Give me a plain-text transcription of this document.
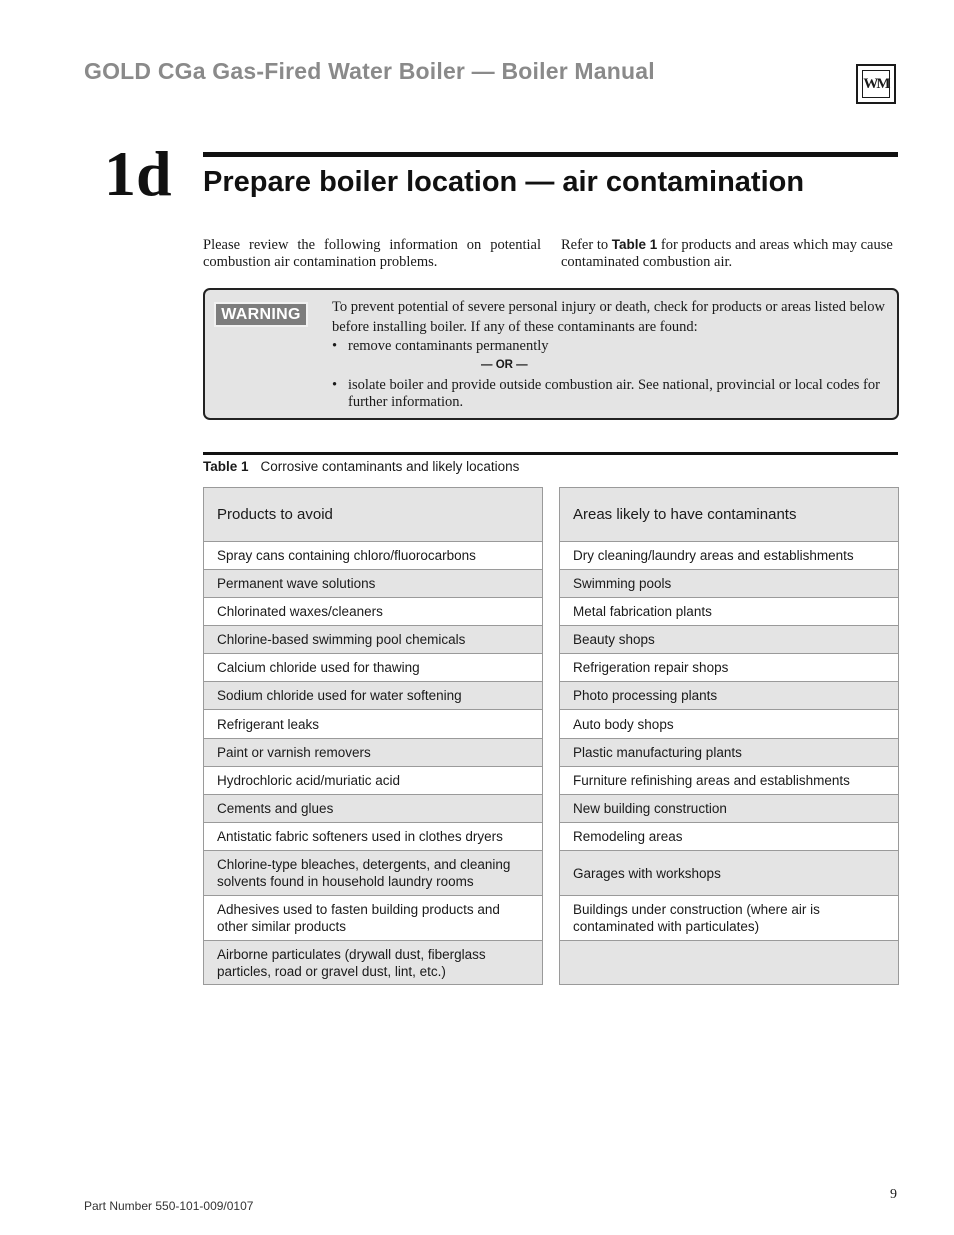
GOLD CGa Gas-Fired Water Boiler — Boiler Manual	WM
1d Prepare boiler location — air contamination
Please review the following information on potential combustion air contamination problems.
Refer to Table 1 for products and areas which may cause contaminated combustion air.
WARNING	To prevent potential of severe personal injury or death, check for products or areas listed below before installing boiler. If any of these contaminants are found:
• remove contaminants permanently
— OR —
• isolate boiler and provide outside combustion air. See national, provincial or local codes for further information.
Table 1 Corrosive contaminants and likely locations
Products to avoid
Spray cans containing chloro/fluorocarbons
Permanent wave solutions
Chlorinated waxes/cleaners
Chlorine-based swimming pool chemicals
Calcium chloride used for thawing
Sodium chloride used for water softening
Refrigerant leaks
Paint or varnish removers
Hydrochloric acid/muriatic acid
Cements and glues
Antistatic fabric softeners used in clothes dryers
Chlorine-type bleaches, detergents, and cleaning solvents found in household laundry rooms
Adhesives used to fasten building products and other similar products
Airborne particulates (drywall dust, fiberglass particles, road or gravel dust, lint, etc.)
Areas likely to have contaminants
Dry cleaning/laundry areas and establishments
Swimming pools
Metal fabrication plants
Beauty shops
Refrigeration repair shops
Photo processing plants
Auto body shops
Plastic manufacturing plants
Furniture refinishing areas and establishments
New building construction
Remodeling areas
Garages with workshops
Buildings under construction (where air is contaminated with particulates)
Part Number 550-101-009/0107
9
